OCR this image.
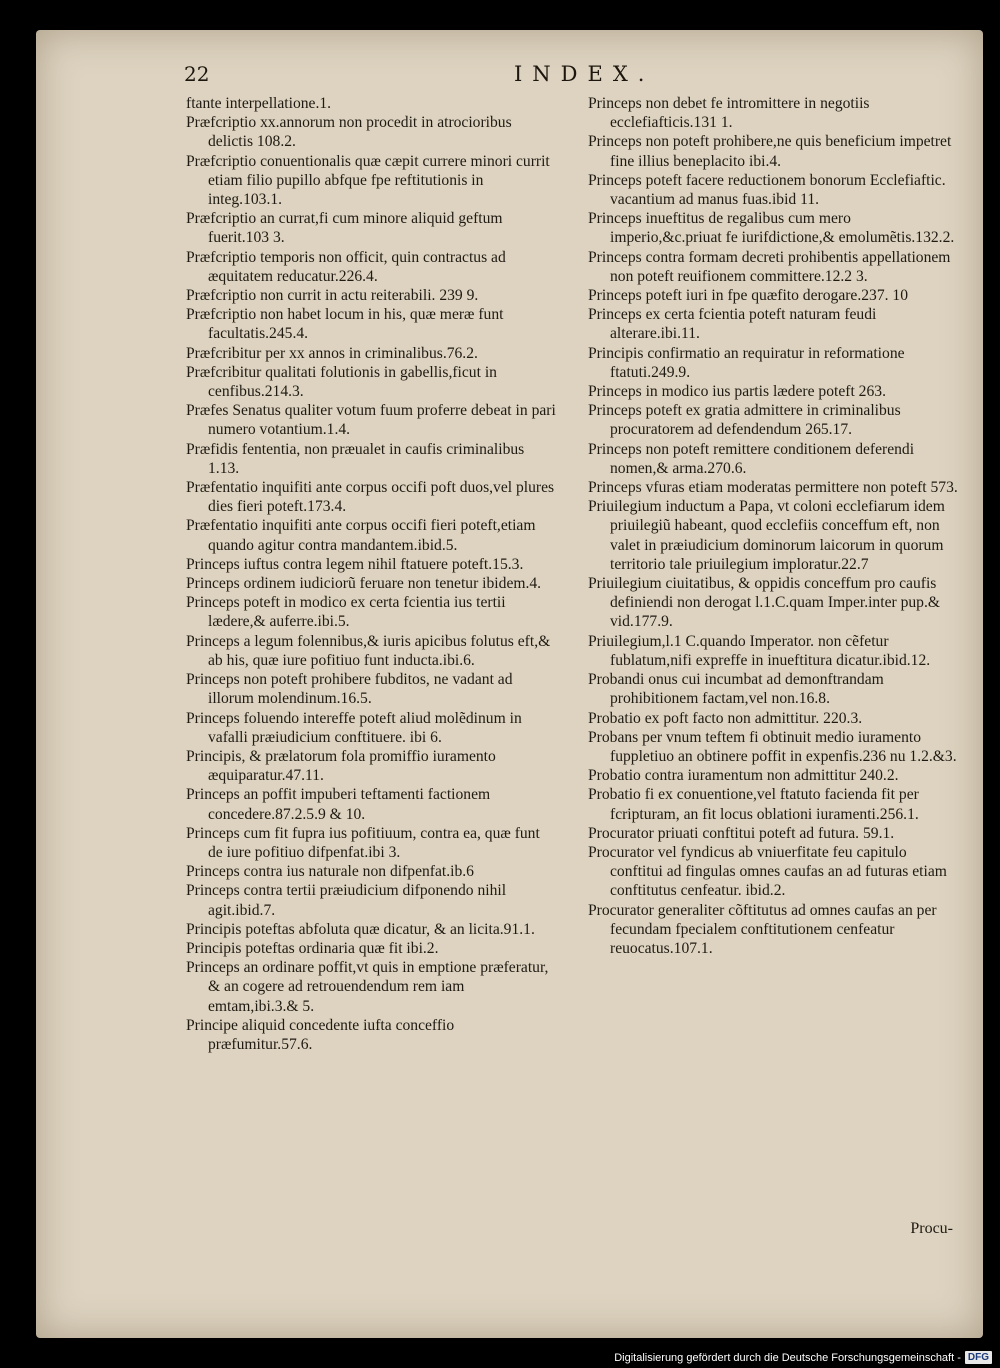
22	INDEX.

ftante interpellatione.1.

Præfcriptio xx.annorum non procedit in atrocioribus delictis 108.2.

Præfcriptio conuentionalis quæ cæpit currere minori currit etiam filio pupillo abfque fpe reftitutionis in integ.103.1.

Præfcriptio an currat,fi cum minore aliquid geftum fuerit.103 3.

Præfcriptio temporis non officit, quin contractus ad æquitatem reducatur.226.4.

Præfcriptio non currit in actu reiterabili. 239 9.

Præfcriptio non habet locum in his, quæ meræ funt facultatis.245.4.

Præfcribitur per xx annos in criminalibus.76.2.

Præfcribitur qualitati folutionis in gabellis,ficut in cenfibus.214.3.

Præfes Senatus qualiter votum fuum proferre debeat in pari numero votantium.1.4.

Præfidis fententia, non præualet in caufis criminalibus 1.13.

Præfentatio inquifiti ante corpus occifi poft duos,vel plures dies fieri poteft.173.4.

Præfentatio inquifiti ante corpus occifi fieri poteft,etiam quando agitur contra mandantem.ibid.5.

Princeps iuftus contra legem nihil ftatuere poteft.15.3.

Princeps ordinem iudiciorũ feruare non tenetur ibidem.4.

Princeps poteft in modico ex certa fcientia ius tertii lædere,& auferre.ibi.5.

Princeps a legum folennibus,& iuris apicibus folutus eft,& ab his, quæ iure pofitiuo funt inducta.ibi.6.

Princeps non poteft prohibere fubditos, ne vadant ad illorum molendinum.16.5.

Princeps foluendo intereffe poteft aliud molẽdinum in vafalli præiudicium conftituere. ibi 6.

Principis, & prælatorum fola promiffio iuramento æquiparatur.47.11.

Princeps an poffit impuberi teftamenti factionem concedere.87.2.5.9 & 10.

Princeps cum fit fupra ius pofitiuum, contra ea, quæ funt de iure pofitiuo difpenfat.ibi 3.

Princeps contra ius naturale non difpenfat.ib.6

Princeps contra tertii præiudicium difponendo nihil agit.ibid.7.

Principis poteftas abfoluta quæ dicatur, & an licita.91.1.

Principis poteftas ordinaria quæ fit ibi.2.

Princeps an ordinare poffit,vt quis in emptione præferatur, & an cogere ad retrouendendum rem iam emtam,ibi.3.& 5.

Principe aliquid concedente iufta conceffio præfumitur.57.6.

Princeps non debet fe intromittere in negotiis ecclefiafticis.131 1.

Princeps non poteft prohibere,ne quis beneficium impetret fine illius beneplacito ibi.4.

Princeps poteft facere reductionem bonorum Ecclefiaftic. vacantium ad manus fuas.ibid 11.

Princeps inueftitus de regalibus cum mero imperio,&c.priuat fe iurifdictione,& emolumẽtis.132.2.

Princeps contra formam decreti prohibentis appellationem non poteft reuifionem committere.12.2 3.

Princeps poteft iuri in fpe quæfito derogare.237. 10

Princeps ex certa fcientia poteft naturam feudi alterare.ibi.11.

Principis confirmatio an requiratur in reformatione ftatuti.249.9.

Princeps in modico ius partis lædere poteft 263.

Princeps poteft ex gratia admittere in criminalibus procuratorem ad defendendum 265.17.

Princeps non poteft remittere conditionem deferendi nomen,& arma.270.6.

Princeps vfuras etiam moderatas permittere non poteft 573.

Priuilegium inductum a Papa, vt coloni ecclefiarum idem priuilegiũ habeant, quod ecclefiis conceffum eft, non valet in præiudicium dominorum laicorum in quorum territorio tale priuilegium imploratur.22.7

Priuilegium ciuitatibus, & oppidis conceffum pro caufis definiendi non derogat l.1.C.quam Imper.inter pup.& vid.177.9.

Priuilegium,l.1 C.quando Imperator. non cẽfetur fublatum,nifi expreffe in inueftitura dicatur.ibid.12.

Probandi onus cui incumbat ad demonftrandam prohibitionem factam,vel non.16.8.

Probatio ex poft facto non admittitur. 220.3.

Probans per vnum teftem fi obtinuit medio iuramento fuppletiuo an obtinere poffit in expenfis.236 nu 1.2.&3.

Probatio contra iuramentum non admittitur 240.2.

Probatio fi ex conuentione,vel ftatuto facienda fit per fcripturam, an fit locus oblationi iuramenti.256.1.

Procurator priuati conftitui poteft ad futura. 59.1.

Procurator vel fyndicus ab vniuerfitate feu capitulo conftitui ad fingulas omnes caufas an ad futuras etiam conftitutus cenfeatur. ibid.2.

Procurator generaliter cõftitutus ad omnes caufas an per fecundam fpecialem conftitutionem cenfeatur reuocatus.107.1.

Procu-
Digitalisierung gefördert durch die Deutsche Forschungsgemeinschaft - DFG
